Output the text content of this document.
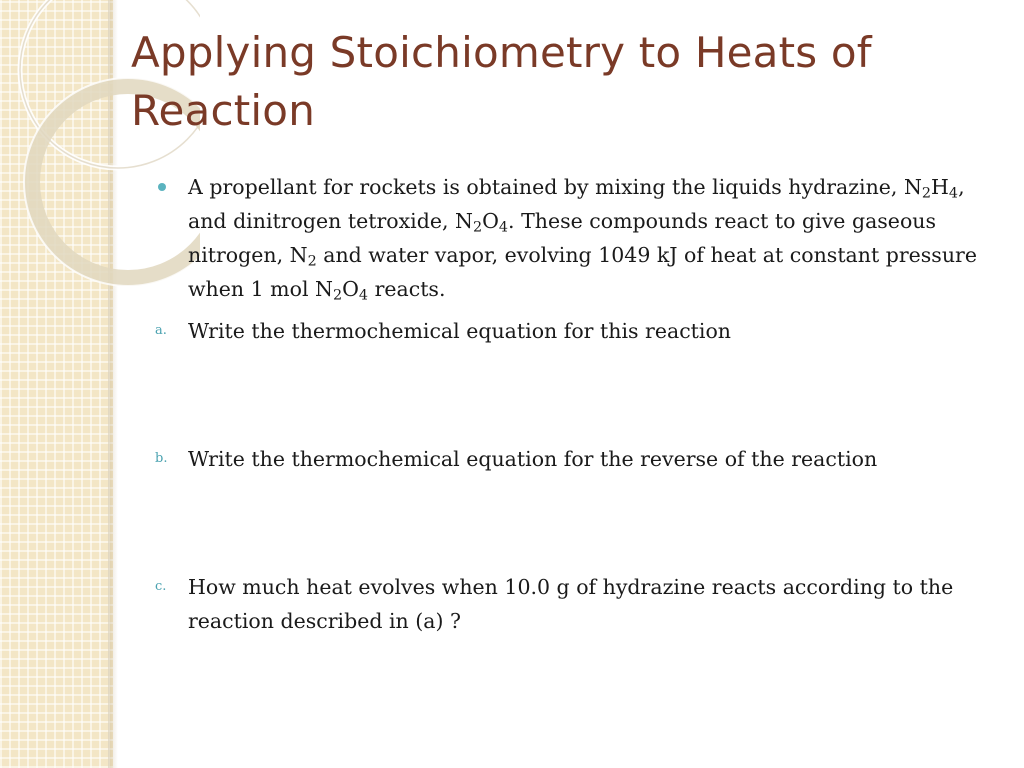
Applying Stoichiometry to Heats of Reaction
A propellant for rockets is obtained by mixing the liquids hydrazine, $N_2H_4$, and dinitrogen tetroxide, $N_2O_4$. These compounds react to give gaseous nitrogen, $N_2$ and water vapor, evolving 1049 kJ of heat at constant pressure when 1 mol $N_2O_4$ reacts.
a. Write the thermochemical equation for this reaction
b. Write the thermochemical equation for the reverse of the reaction
c. How much heat evolves when 10.0 g of hydrazine reacts according to the reaction described in (a) ?
